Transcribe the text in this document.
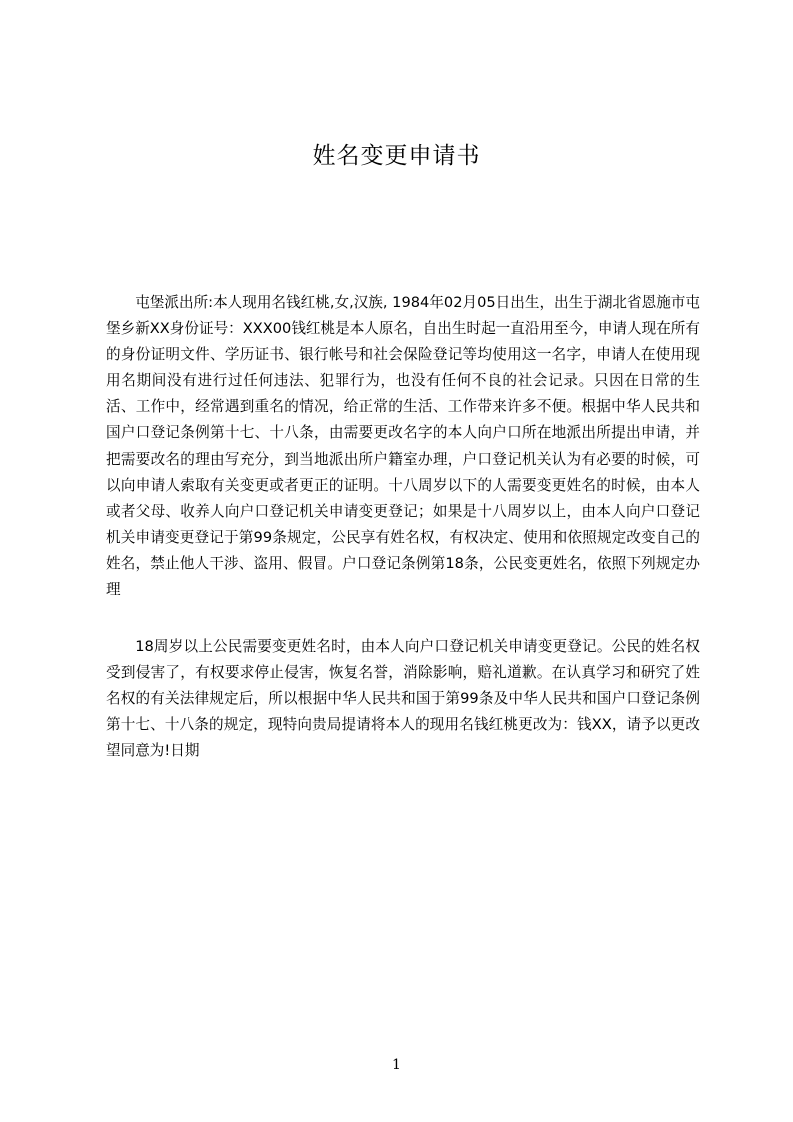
姓名变更申请书

屯堡派出所:本人现用名钱红桃,女,汉族, 1984年02月05日出生，出生于湖北省恩施市屯堡乡新XX身份证号：XXX00钱红桃是本人原名，自出生时起一直沿用至今，申请人现在所有的身份证明文件、学历证书、银行帐号和社会保险登记等均使用这一名字，申请人在使用现用名期间没有进行过任何违法、犯罪行为，也没有任何不良的社会记录。只因在日常的生活、工作中，经常遇到重名的情况，给正常的生活、工作带来许多不便。根据中华人民共和国户口登记条例第十七、十八条，由需要更改名字的本人向户口所在地派出所提出申请，并把需要改名的理由写充分，到当地派出所户籍室办理，户口登记机关认为有必要的时候，可以向申请人索取有关变更或者更正的证明。十八周岁以下的人需要变更姓名的时候，由本人或者父母、收养人向户口登记机关申请变更登记；如果是十八周岁以上，由本人向户口登记机关申请变更登记于第99条规定，公民享有姓名权，有权决定、使用和依照规定改变自己的姓名，禁止他人干涉、盗用、假冒。户口登记条例第18条，公民变更姓名，依照下列规定办理

18周岁以上公民需要变更姓名时，由本人向户口登记机关申请变更登记。公民的姓名权受到侵害了，有权要求停止侵害，恢复名誉，消除影响，赔礼道歉。在认真学习和研究了姓名权的有关法律规定后，所以根据中华人民共和国于第99条及中华人民共和国户口登记条例第十七、十八条的规定，现特向贵局提请将本人的现用名钱红桃更改为：钱XX，请予以更改望同意为!日期

1
